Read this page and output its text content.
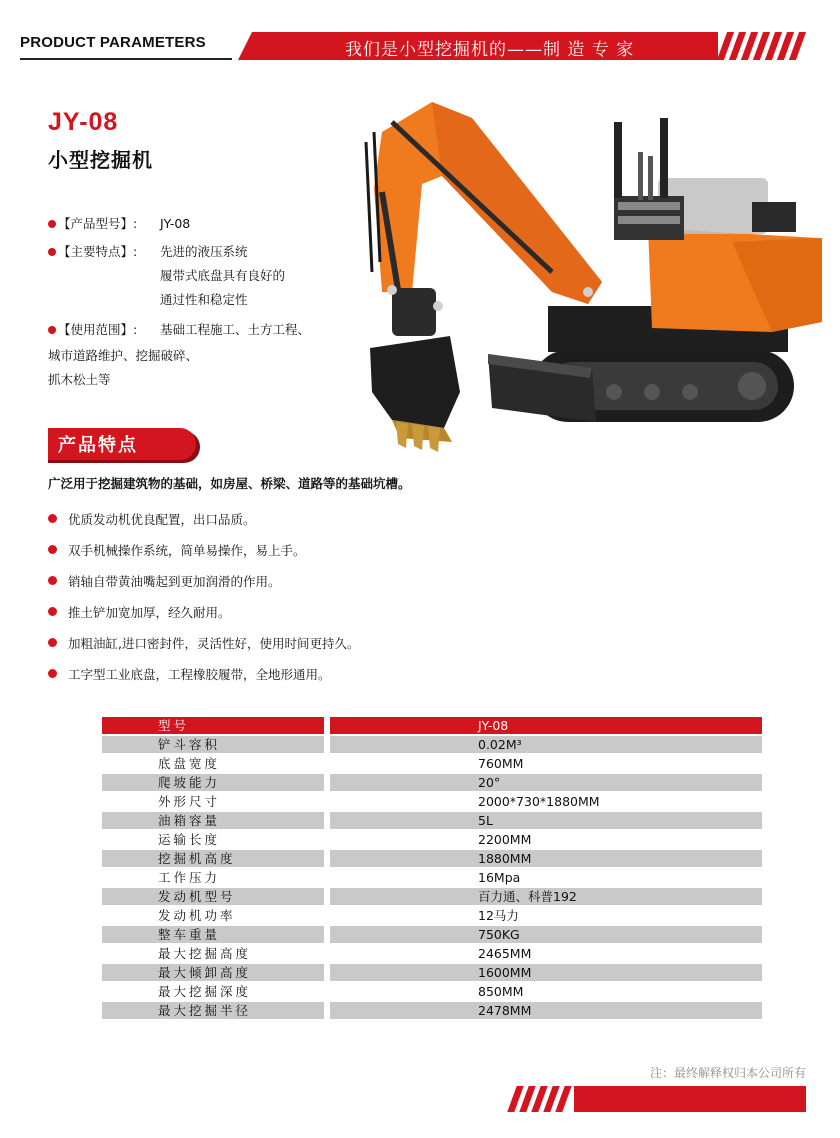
PRODUCT PARAMETERS	我们是小型挖掘机的——制 造 专 家
JY-08
小型挖掘机
【产品型号】: JY-08
【主要特点】: 先进的液压系统
履带式底盘具有良好的
通过性和稳定性
【使用范围】: 基础工程施工、土方工程、
城市道路维护、挖掘破碎、
抓木松土等
产品特点
广泛用于挖掘建筑物的基础，如房屋、桥梁、道路等的基础坑槽。
优质发动机优良配置，出口品质。
双手机械操作系统，简单易操作，易上手。
销轴自带黄油嘴起到更加润滑的作用。
推土铲加宽加厚，经久耐用。
加粗油缸,进口密封件，灵活性好，使用时间更持久。
工字型工业底盘，工程橡胶履带，全地形通用。
型号	JY-08
铲斗容积	0.02M³
底盘宽度	760MM
爬坡能力	20°
外形尺寸	2000*730*1880MM
油箱容量	5L
运输长度	2200MM
挖掘机高度	1880MM
工作压力	16Mpa
发动机型号	百力通、科普192
发动机功率	12马力
整车重量	750KG
最大挖掘高度	2465MM
最大倾卸高度	1600MM
最大挖掘深度	850MM
最大挖掘半径	2478MM
注：最终解释权归本公司所有
